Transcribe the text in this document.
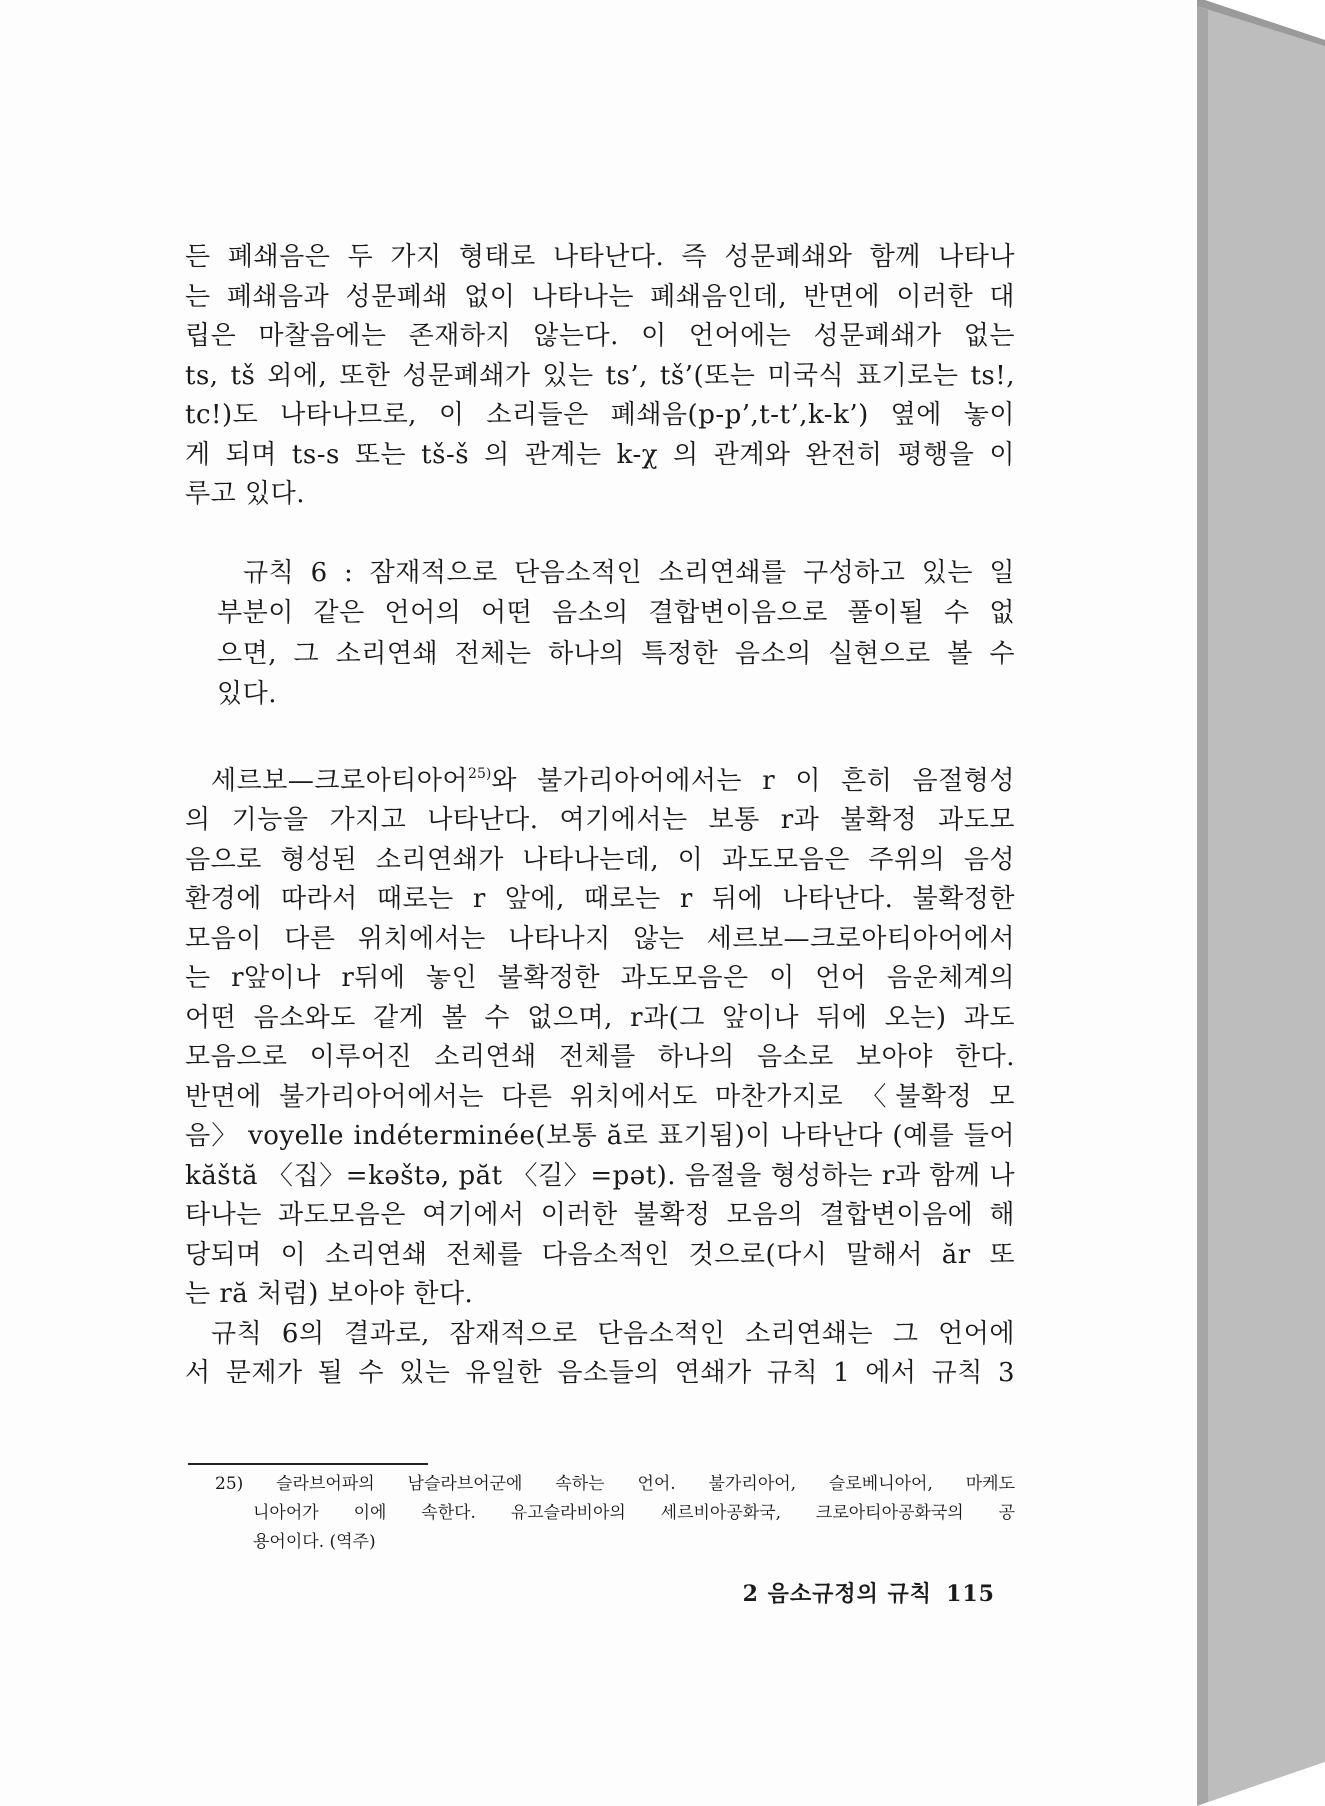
든 폐쇄음은 두 가지 형태로 나타난다. 즉 성문폐쇄와 함께 나타나
는 폐쇄음과 성문폐쇄 없이 나타나는 폐쇄음인데, 반면에 이러한 대
립은 마찰음에는 존재하지 않는다. 이 언어에는 성문폐쇄가 없는
ts, tš 외에, 또한 성문폐쇄가 있는 ts’, tš’(또는 미국식 표기로는 ts!,
tc!)도 나타나므로, 이 소리들은 폐쇄음(p-p’,t-t’,k-k’) 옆에 놓이
게 되며 ts-s 또는 tš-š 의 관계는 k-χ 의 관계와 완전히 평행을 이
루고 있다.
규칙 6 : 잠재적으로 단음소적인 소리연쇄를 구성하고 있는 일
부분이 같은 언어의 어떤 음소의 결합변이음으로 풀이될 수 없
으면, 그 소리연쇄 전체는 하나의 특정한 음소의 실현으로 볼 수
있다.
세르보—크로아티아어$^{25)}$와 불가리아어에서는 r 이 흔히 음절형성
의 기능을 가지고 나타난다. 여기에서는 보통 r과 불확정 과도모
음으로 형성된 소리연쇄가 나타나는데, 이 과도모음은 주위의 음성
환경에 따라서 때로는 r 앞에, 때로는 r 뒤에 나타난다. 불확정한
모음이 다른 위치에서는 나타나지 않는 세르보—크로아티아어에서
는 r앞이나 r뒤에 놓인 불확정한 과도모음은 이 언어 음운체계의
어떤 음소와도 같게 볼 수 없으며, r과(그 앞이나 뒤에 오는) 과도
모음으로 이루어진 소리연쇄 전체를 하나의 음소로 보아야 한다.
반면에 불가리아어에서는 다른 위치에서도 마찬가지로 〈불확정 모
음〉 voyelle indéterminée(보통 ă로 표기됨)이 나타난다 (예를 들어
kăštă 〈집〉=kəštə, păt 〈길〉=pət). 음절을 형성하는 r과 함께 나
타나는 과도모음은 여기에서 이러한 불확정 모음의 결합변이음에 해
당되며 이 소리연쇄 전체를 다음소적인 것으로(다시 말해서 ăr 또
는 ră 처럼) 보아야 한다.
규칙 6의 결과로, 잠재적으로 단음소적인 소리연쇄는 그 언어에
서 문제가 될 수 있는 유일한 음소들의 연쇄가 규칙 1 에서 규칙 3
25) 슬라브어파의 남슬라브어군에 속하는 언어. 불가리아어, 슬로베니아어, 마케도
니아어가 이에 속한다. 유고슬라비아의 세르비아공화국, 크로아티아공화국의 공
용어이다. (역주)
2 음소규정의 규칙 115
